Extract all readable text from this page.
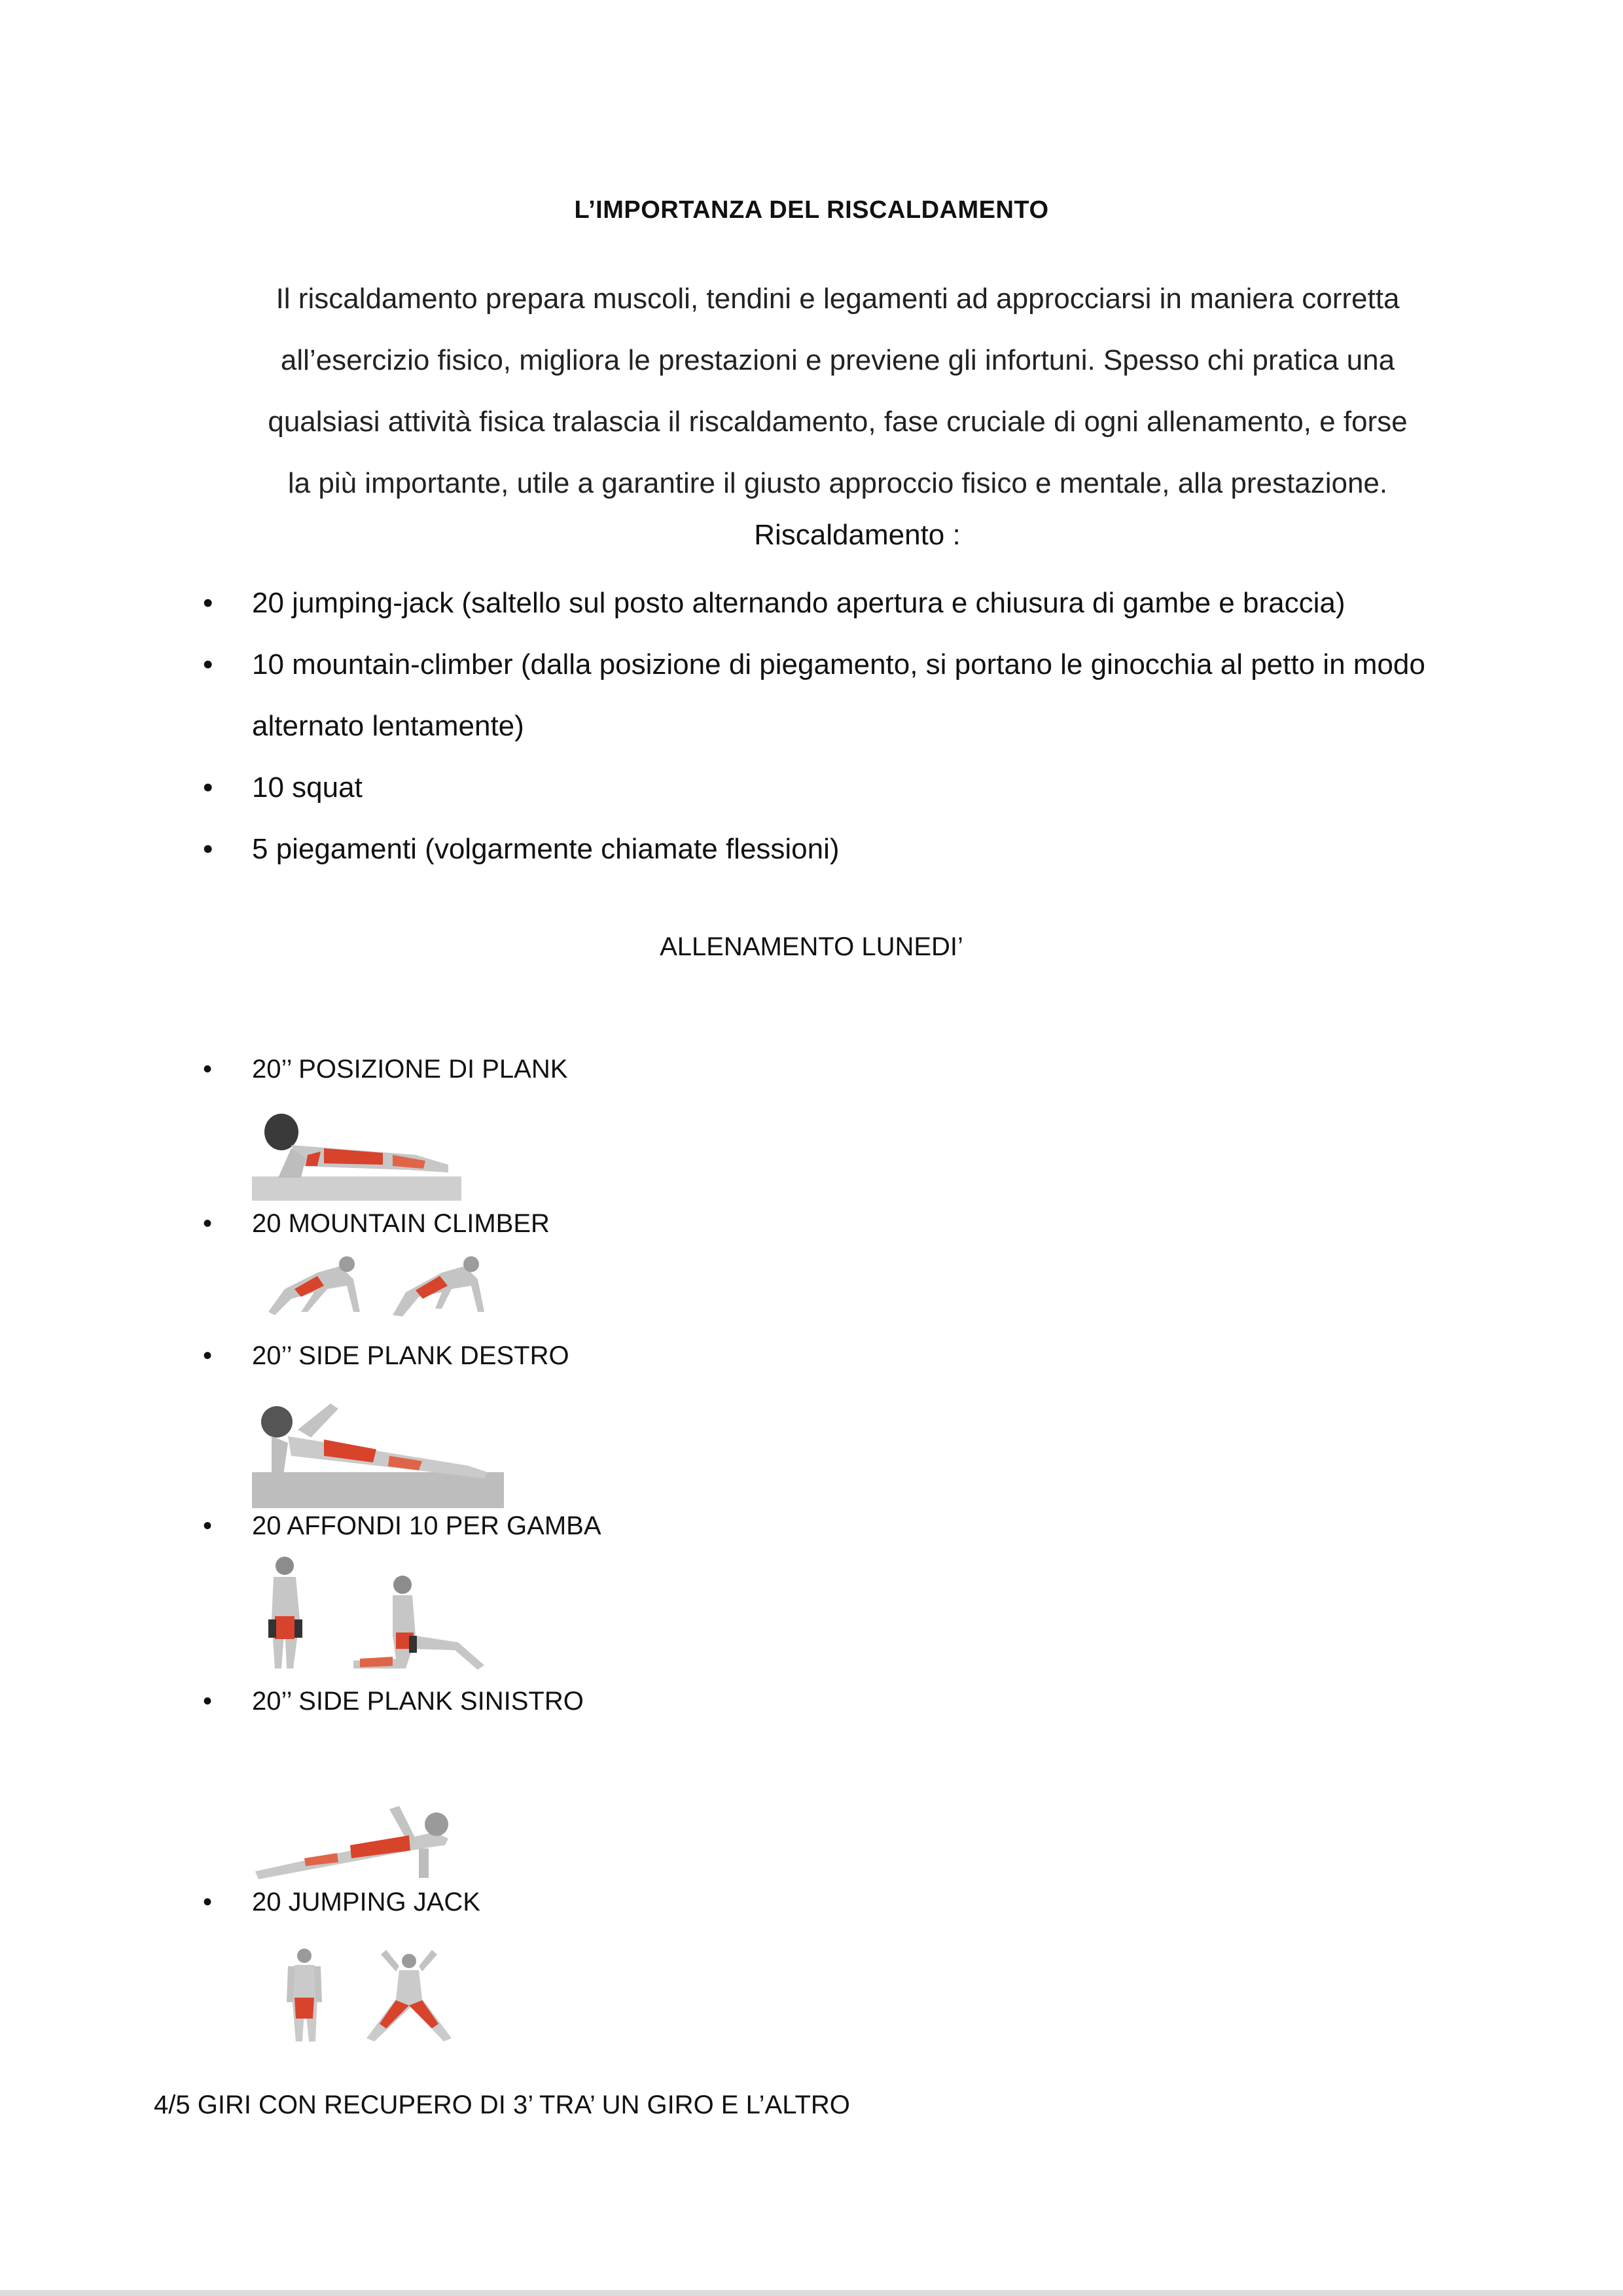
L’IMPORTANZA DEL RISCALDAMENTO
Il riscaldamento prepara muscoli, tendini e legamenti ad approcciarsi in maniera corretta
all’esercizio fisico, migliora le prestazioni e previene gli infortuni. Spesso chi pratica una
qualsiasi attività fisica tralascia il riscaldamento, fase cruciale di ogni allenamento, e forse
la più importante, utile a garantire il giusto approccio fisico e mentale, alla prestazione.
Riscaldamento :
• 20 jumping-jack (saltello sul posto alternando apertura e chiusura di gambe e braccia)
• 10 mountain-climber (dalla posizione di piegamento, si portano le ginocchia al petto in modo alternato lentamente)
• 10 squat
• 5 piegamenti (volgarmente chiamate flessioni)
ALLENAMENTO LUNEDI’
• 20’’ POSIZIONE DI PLANK
• 20 MOUNTAIN CLIMBER
• 20’’ SIDE PLANK DESTRO
• 20 AFFONDI 10 PER GAMBA
• 20’’ SIDE PLANK SINISTRO
• 20 JUMPING JACK
4/5 GIRI CON RECUPERO DI 3’ TRA’ UN GIRO E L’ALTRO
